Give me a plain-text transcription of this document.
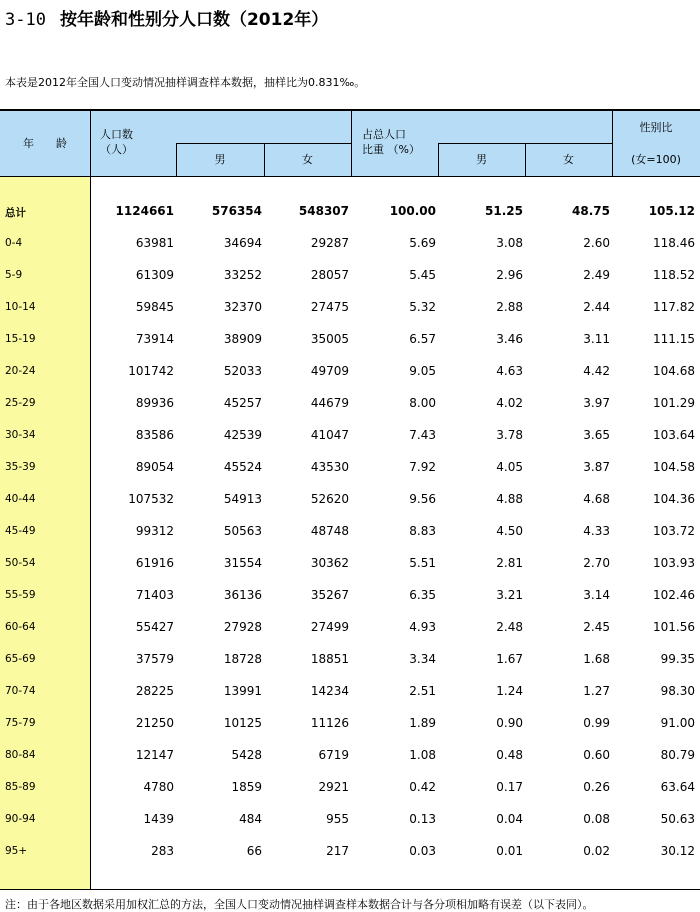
3-10 按年龄和性别分人口数（2012年）
本表是2012年全国人口变动情况抽样调查样本数据，抽样比为0.831‰。
年　　龄
人口数
（人）
男	女
占总人口
比重 （%）
男	女
性别比
(女=100)
总计	1124661	576354	548307	100.00	51.25	48.75	105.12
0-4	63981	34694	29287	5.69	3.08	2.60	118.46
5-9	61309	33252	28057	5.45	2.96	2.49	118.52
10-14	59845	32370	27475	5.32	2.88	2.44	117.82
15-19	73914	38909	35005	6.57	3.46	3.11	111.15
20-24	101742	52033	49709	9.05	4.63	4.42	104.68
25-29	89936	45257	44679	8.00	4.02	3.97	101.29
30-34	83586	42539	41047	7.43	3.78	3.65	103.64
35-39	89054	45524	43530	7.92	4.05	3.87	104.58
40-44	107532	54913	52620	9.56	4.88	4.68	104.36
45-49	99312	50563	48748	8.83	4.50	4.33	103.72
50-54	61916	31554	30362	5.51	2.81	2.70	103.93
55-59	71403	36136	35267	6.35	3.21	3.14	102.46
60-64	55427	27928	27499	4.93	2.48	2.45	101.56
65-69	37579	18728	18851	3.34	1.67	1.68	99.35
70-74	28225	13991	14234	2.51	1.24	1.27	98.30
75-79	21250	10125	11126	1.89	0.90	0.99	91.00
80-84	12147	5428	6719	1.08	0.48	0.60	80.79
85-89	4780	1859	2921	0.42	0.17	0.26	63.64
90-94	1439	484	955	0.13	0.04	0.08	50.63
95+	283	66	217	0.03	0.01	0.02	30.12
注：由于各地区数据采用加权汇总的方法，全国人口变动情况抽样调查样本数据合计与各分项相加略有误差（以下表同）。
